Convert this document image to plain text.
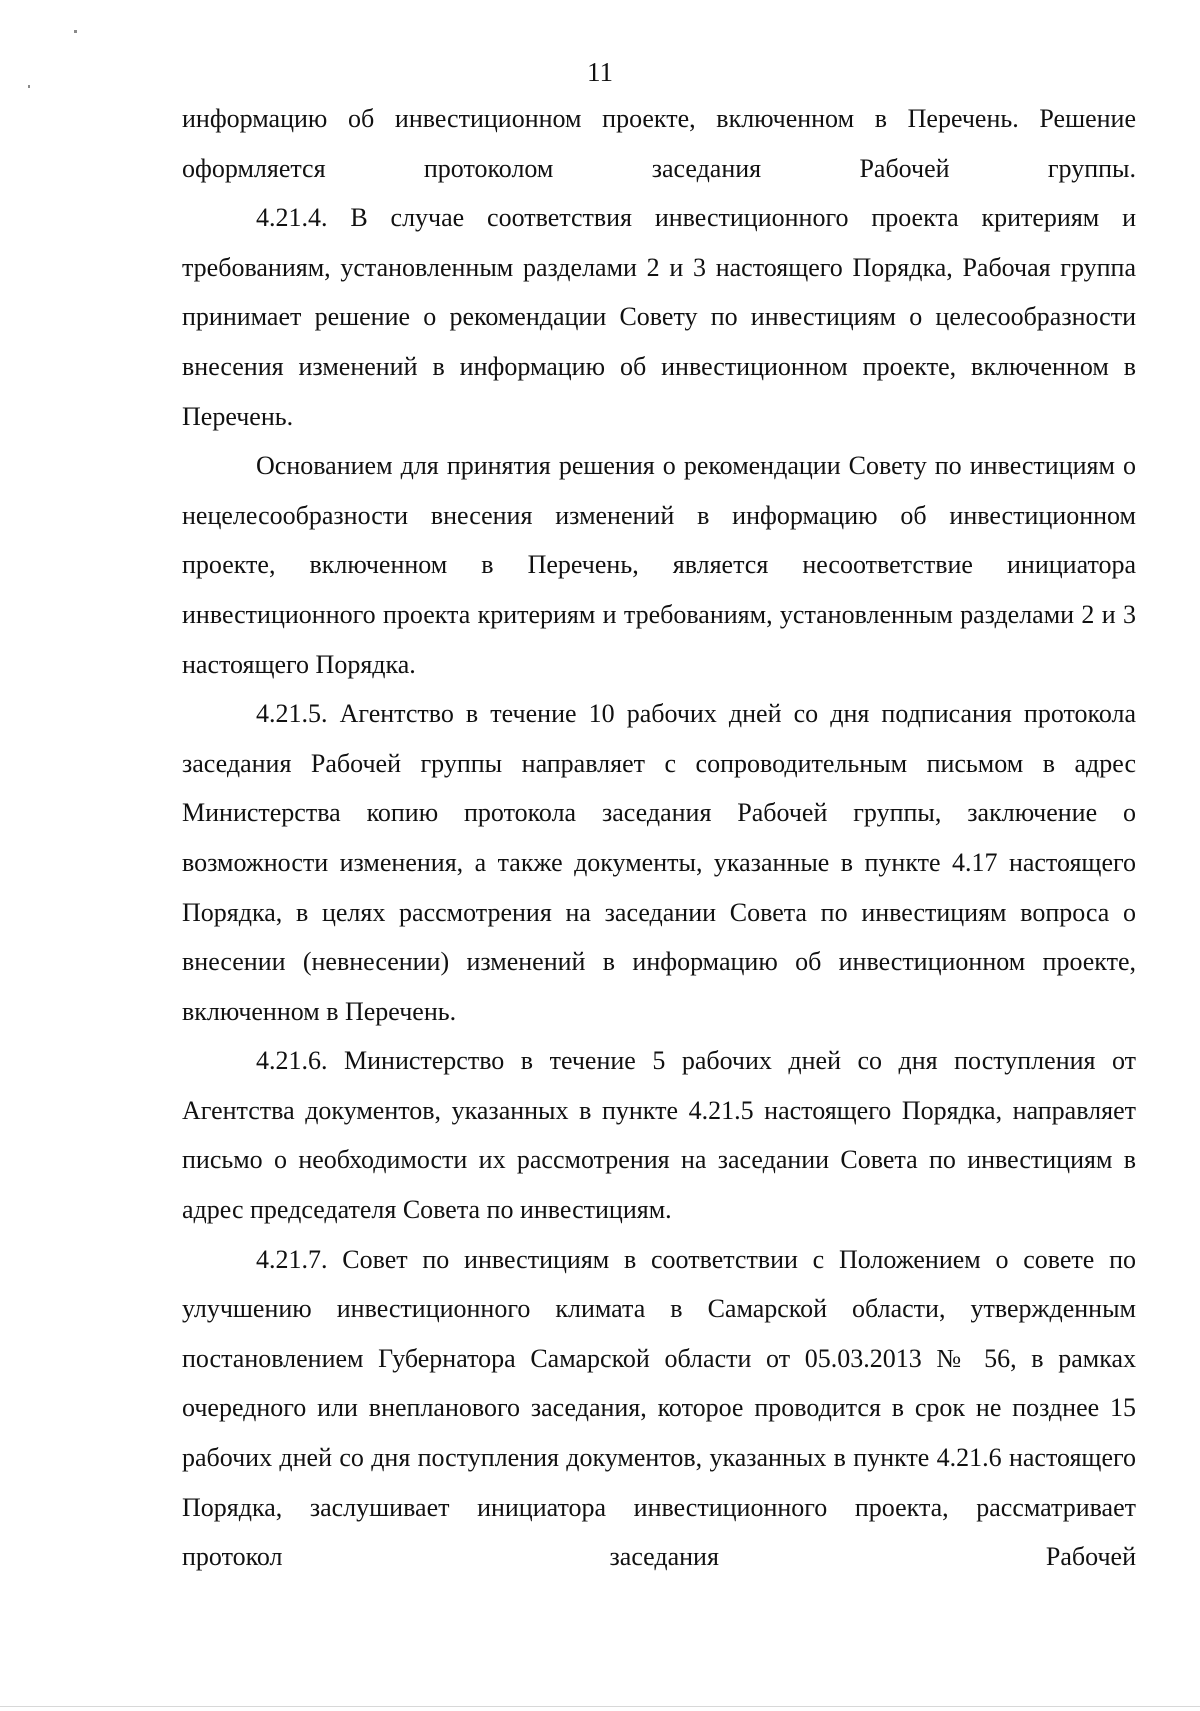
11

информацию об инвестиционном проекте, включенном в Перечень. Решение оформляется протоколом заседания Рабочей группы.

4.21.4. В случае соответствия инвестиционного проекта критериям и требованиям, установленным разделами 2 и 3 настоящего Порядка, Рабочая группа принимает решение о рекомендации Совету по инвестициям о целесообразности внесения изменений в информацию об инвестиционном проекте, включенном в Перечень.

Основанием для принятия решения о рекомендации Совету по инвестициям о нецелесообразности внесения изменений в информацию об инвестиционном проекте, включенном в Перечень, является несоответствие инициатора инвестиционного проекта критериям и требованиям, установленным разделами 2 и 3 настоящего Порядка.

4.21.5. Агентство в течение 10 рабочих дней со дня подписания протокола заседания Рабочей группы направляет с сопроводительным письмом в адрес Министерства копию протокола заседания Рабочей группы, заключение о возможности изменения, а также документы, указанные в пункте 4.17 настоящего Порядка, в целях рассмотрения на заседании Совета по инвестициям вопроса о внесении (невнесении) изменений в информацию об инвестиционном проекте, включенном в Перечень.

4.21.6. Министерство в течение 5 рабочих дней со дня поступления от Агентства документов, указанных в пункте 4.21.5 настоящего Порядка, направляет письмо о необходимости их рассмотрения на заседании Совета по инвестициям в адрес председателя Совета по инвестициям.

4.21.7. Совет по инвестициям в соответствии с Положением о совете по улучшению инвестиционного климата в Самарской области, утвержденным постановлением Губернатора Самарской области от 05.03.2013 № 56, в рамках очередного или внепланового заседания, которое проводится в срок не позднее 15 рабочих дней со дня поступления документов, указанных в пункте 4.21.6 настоящего Порядка, заслушивает инициатора инвестиционного проекта, рассматривает протокол заседания Рабочей
